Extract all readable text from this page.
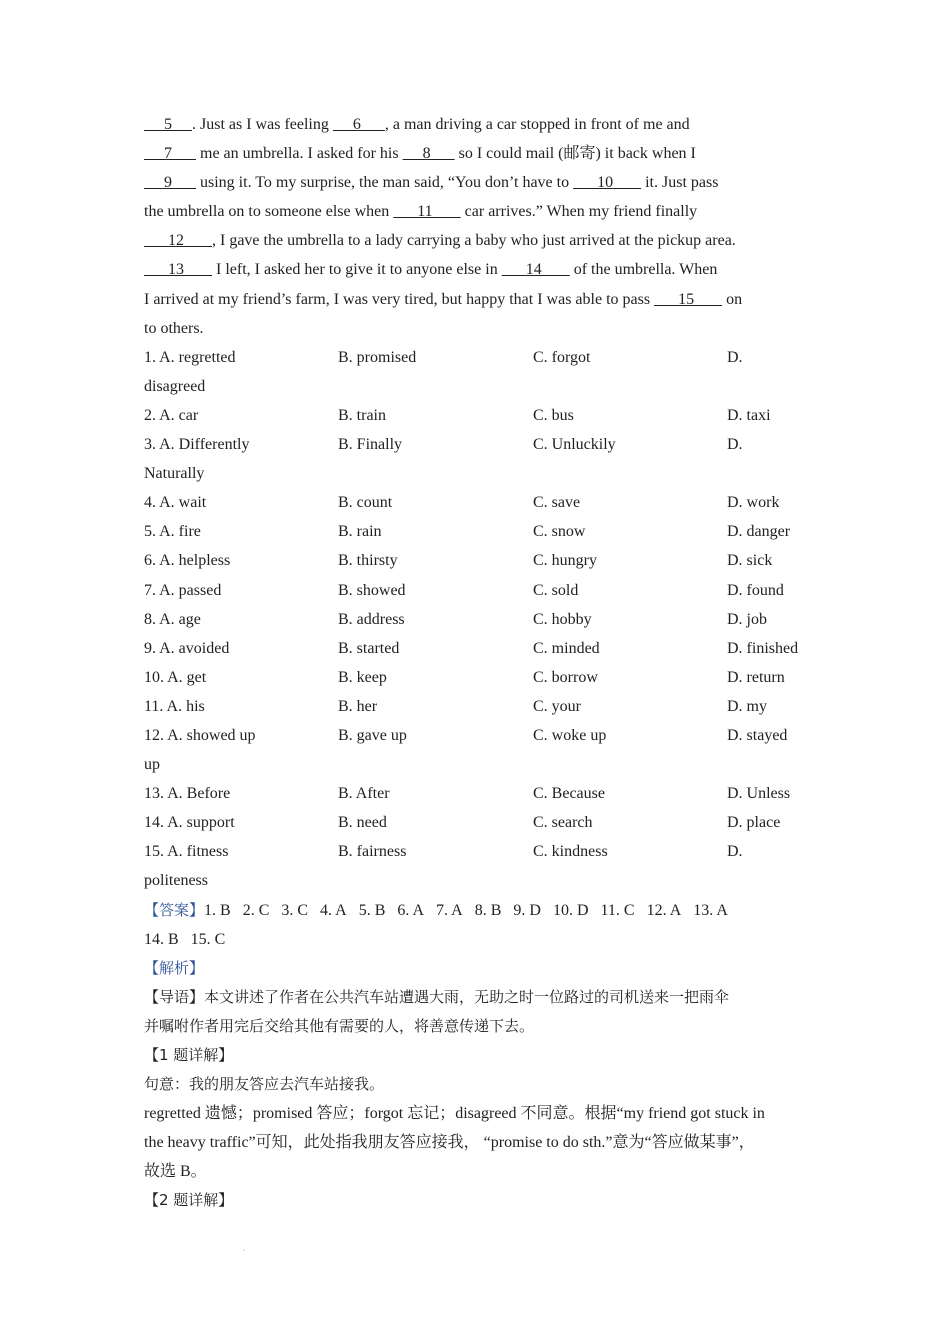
5     . Just as I was feeling      6      , a man driving a car stopped in front of me and
7       me an umbrella. I asked for his      8       so I could mail (邮寄) it back when I
9       using it. To my surprise, the man said, “You don’t have to       10        it. Just pass
the umbrella on to someone else when       11        car arrives.” When my friend finally
12       , I gave the umbrella to a lady carrying a baby who just arrived at the pickup area.
13        I left, I asked her to give it to anyone else in       14        of the umbrella. When
I arrived at my friend’s farm, I was very tired, but happy that I was able to pass       15        on
to others.
1. A. regretted	B. promised	C. forgot	D.
disagreed
2. A. car	B. train	C. bus	D. taxi
3. A. Differently	B. Finally	C. Unluckily	D.
Naturally
4. A. wait	B. count	C. save	D. work
5. A. fire	B. rain	C. snow	D. danger
6. A. helpless	B. thirsty	C. hungry	D. sick
7. A. passed	B. showed	C. sold	D. found
8. A. age	B. address	C. hobby	D. job
9. A. avoided	B. started	C. minded	D. finished
10. A. get	B. keep	C. borrow	D. return
11. A. his	B. her	C. your	D. my
12. A. showed up	B. gave up	C. woke up	D. stayed
up
13. A. Before	B. After	C. Because	D. Unless
14. A. support	B. need	C. search	D. place
15. A. fitness	B. fairness	C. kindness	D.
politeness
【答案】1. B 2. C 3. C 4. A 5. B 6. A 7. A 8. B 9. D 10. D 11. C 12. A 13. A
14. B 15. C
【解析】
【导语】本文讲述了作者在公共汽车站遭遇大雨，无助之时一位路过的司机送来一把雨伞
并嘱咐作者用完后交给其他有需要的人，将善意传递下去。
【1 题详解】
句意：我的朋友答应去汽车站接我。
regretted 遗憾；promised 答应；forgot 忘记；disagreed 不同意。根据“my friend got stuck in
the heavy traffic”可知，此处指我朋友答应接我， “promise to do sth.”意为“答应做某事”，
故选 B。
【2 题详解】
